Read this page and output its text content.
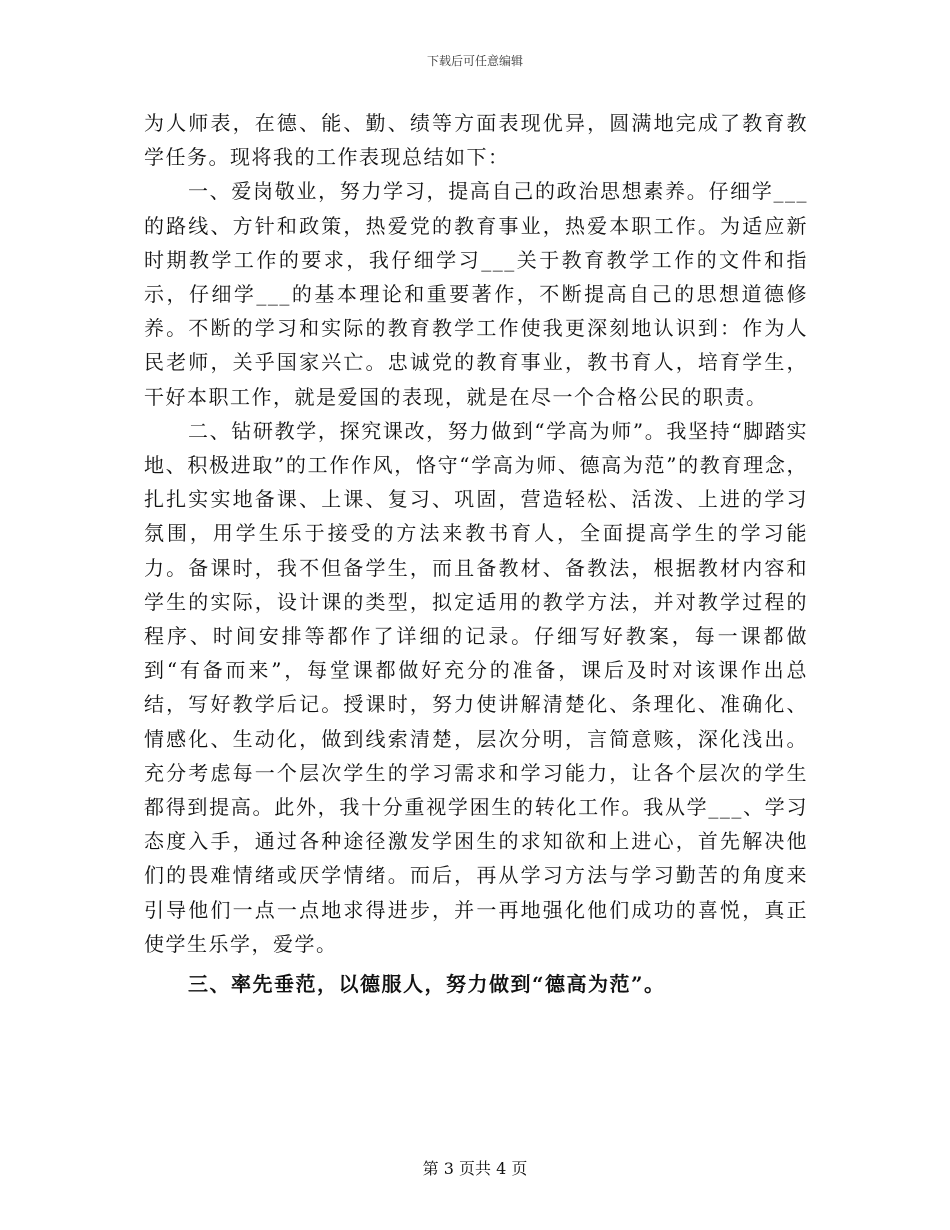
下载后可任意编辑

为人师表，在德、能、勤、绩等方面表现优异，圆满地完成了教育教学任务。现将我的工作表现总结如下：

一、爱岗敬业，努力学习，提高自己的政治思想素养。仔细学___的路线、方针和政策，热爱党的教育事业，热爱本职工作。为适应新时期教学工作的要求，我仔细学习___关于教育教学工作的文件和指示，仔细学___的基本理论和重要著作，不断提高自己的思想道德修养。不断的学习和实际的教育教学工作使我更深刻地认识到：作为人民老师，关乎国家兴亡。忠诚党的教育事业，教书育人，培育学生，干好本职工作，就是爱国的表现，就是在尽一个合格公民的职责。

二、钻研教学，探究课改，努力做到“学高为师”。我坚持“脚踏实地、积极进取”的工作作风，恪守“学高为师、德高为范”的教育理念，扎扎实实地备课、上课、复习、巩固，营造轻松、活泼、上进的学习氛围，用学生乐于接受的方法来教书育人，全面提高学生的学习能力。备课时，我不但备学生，而且备教材、备教法，根据教材内容和学生的实际，设计课的类型，拟定适用的教学方法，并对教学过程的程序、时间安排等都作了详细的记录。仔细写好教案，每一课都做到“有备而来”，每堂课都做好充分的准备，课后及时对该课作出总结，写好教学后记。授课时，努力使讲解清楚化、条理化、准确化、情感化、生动化，做到线索清楚，层次分明，言简意赅，深化浅出。充分考虑每一个层次学生的学习需求和学习能力，让各个层次的学生都得到提高。此外，我十分重视学困生的转化工作。我从学___、学习态度入手，通过各种途径激发学困生的求知欲和上进心，首先解决他们的畏难情绪或厌学情绪。而后，再从学习方法与学习勤苦的角度来引导他们一点一点地求得进步，并一再地强化他们成功的喜悦，真正使学生乐学，爱学。

三、率先垂范，以德服人，努力做到“德高为范”。

第 3 页共 4 页
